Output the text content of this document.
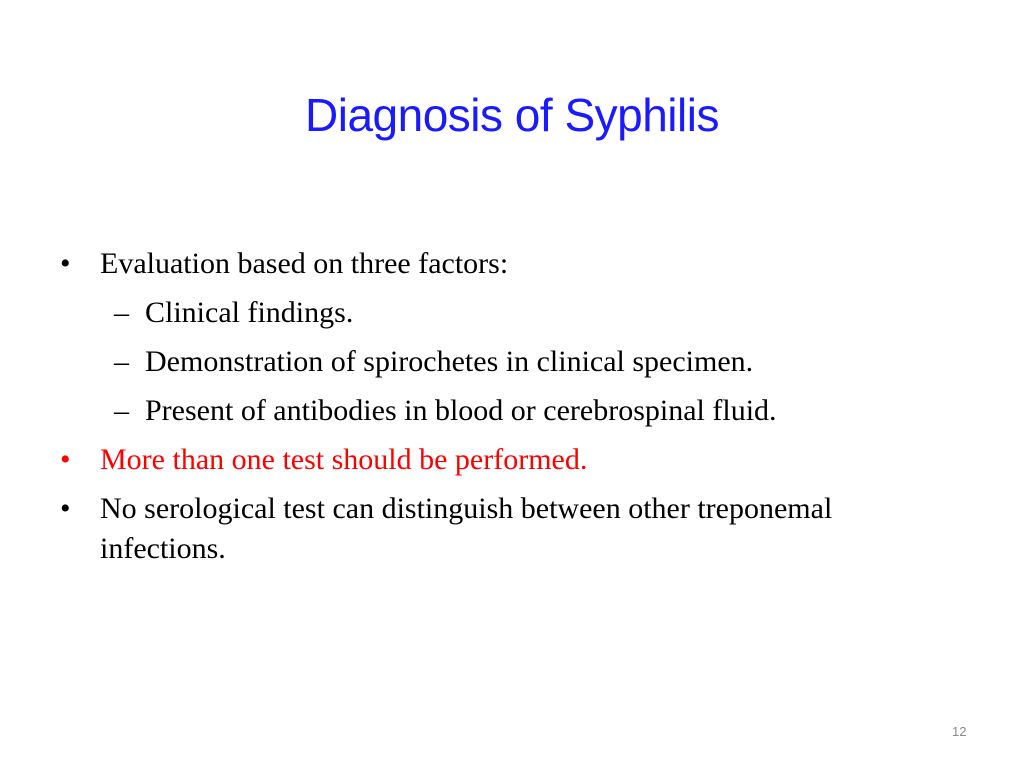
Diagnosis of Syphilis
• Evaluation based on three factors:
– Clinical findings.
– Demonstration of spirochetes in clinical specimen.
– Present of antibodies in blood or cerebrospinal fluid.
• More than one test should be performed.
• No serological test can distinguish between other treponemal infections.
12
